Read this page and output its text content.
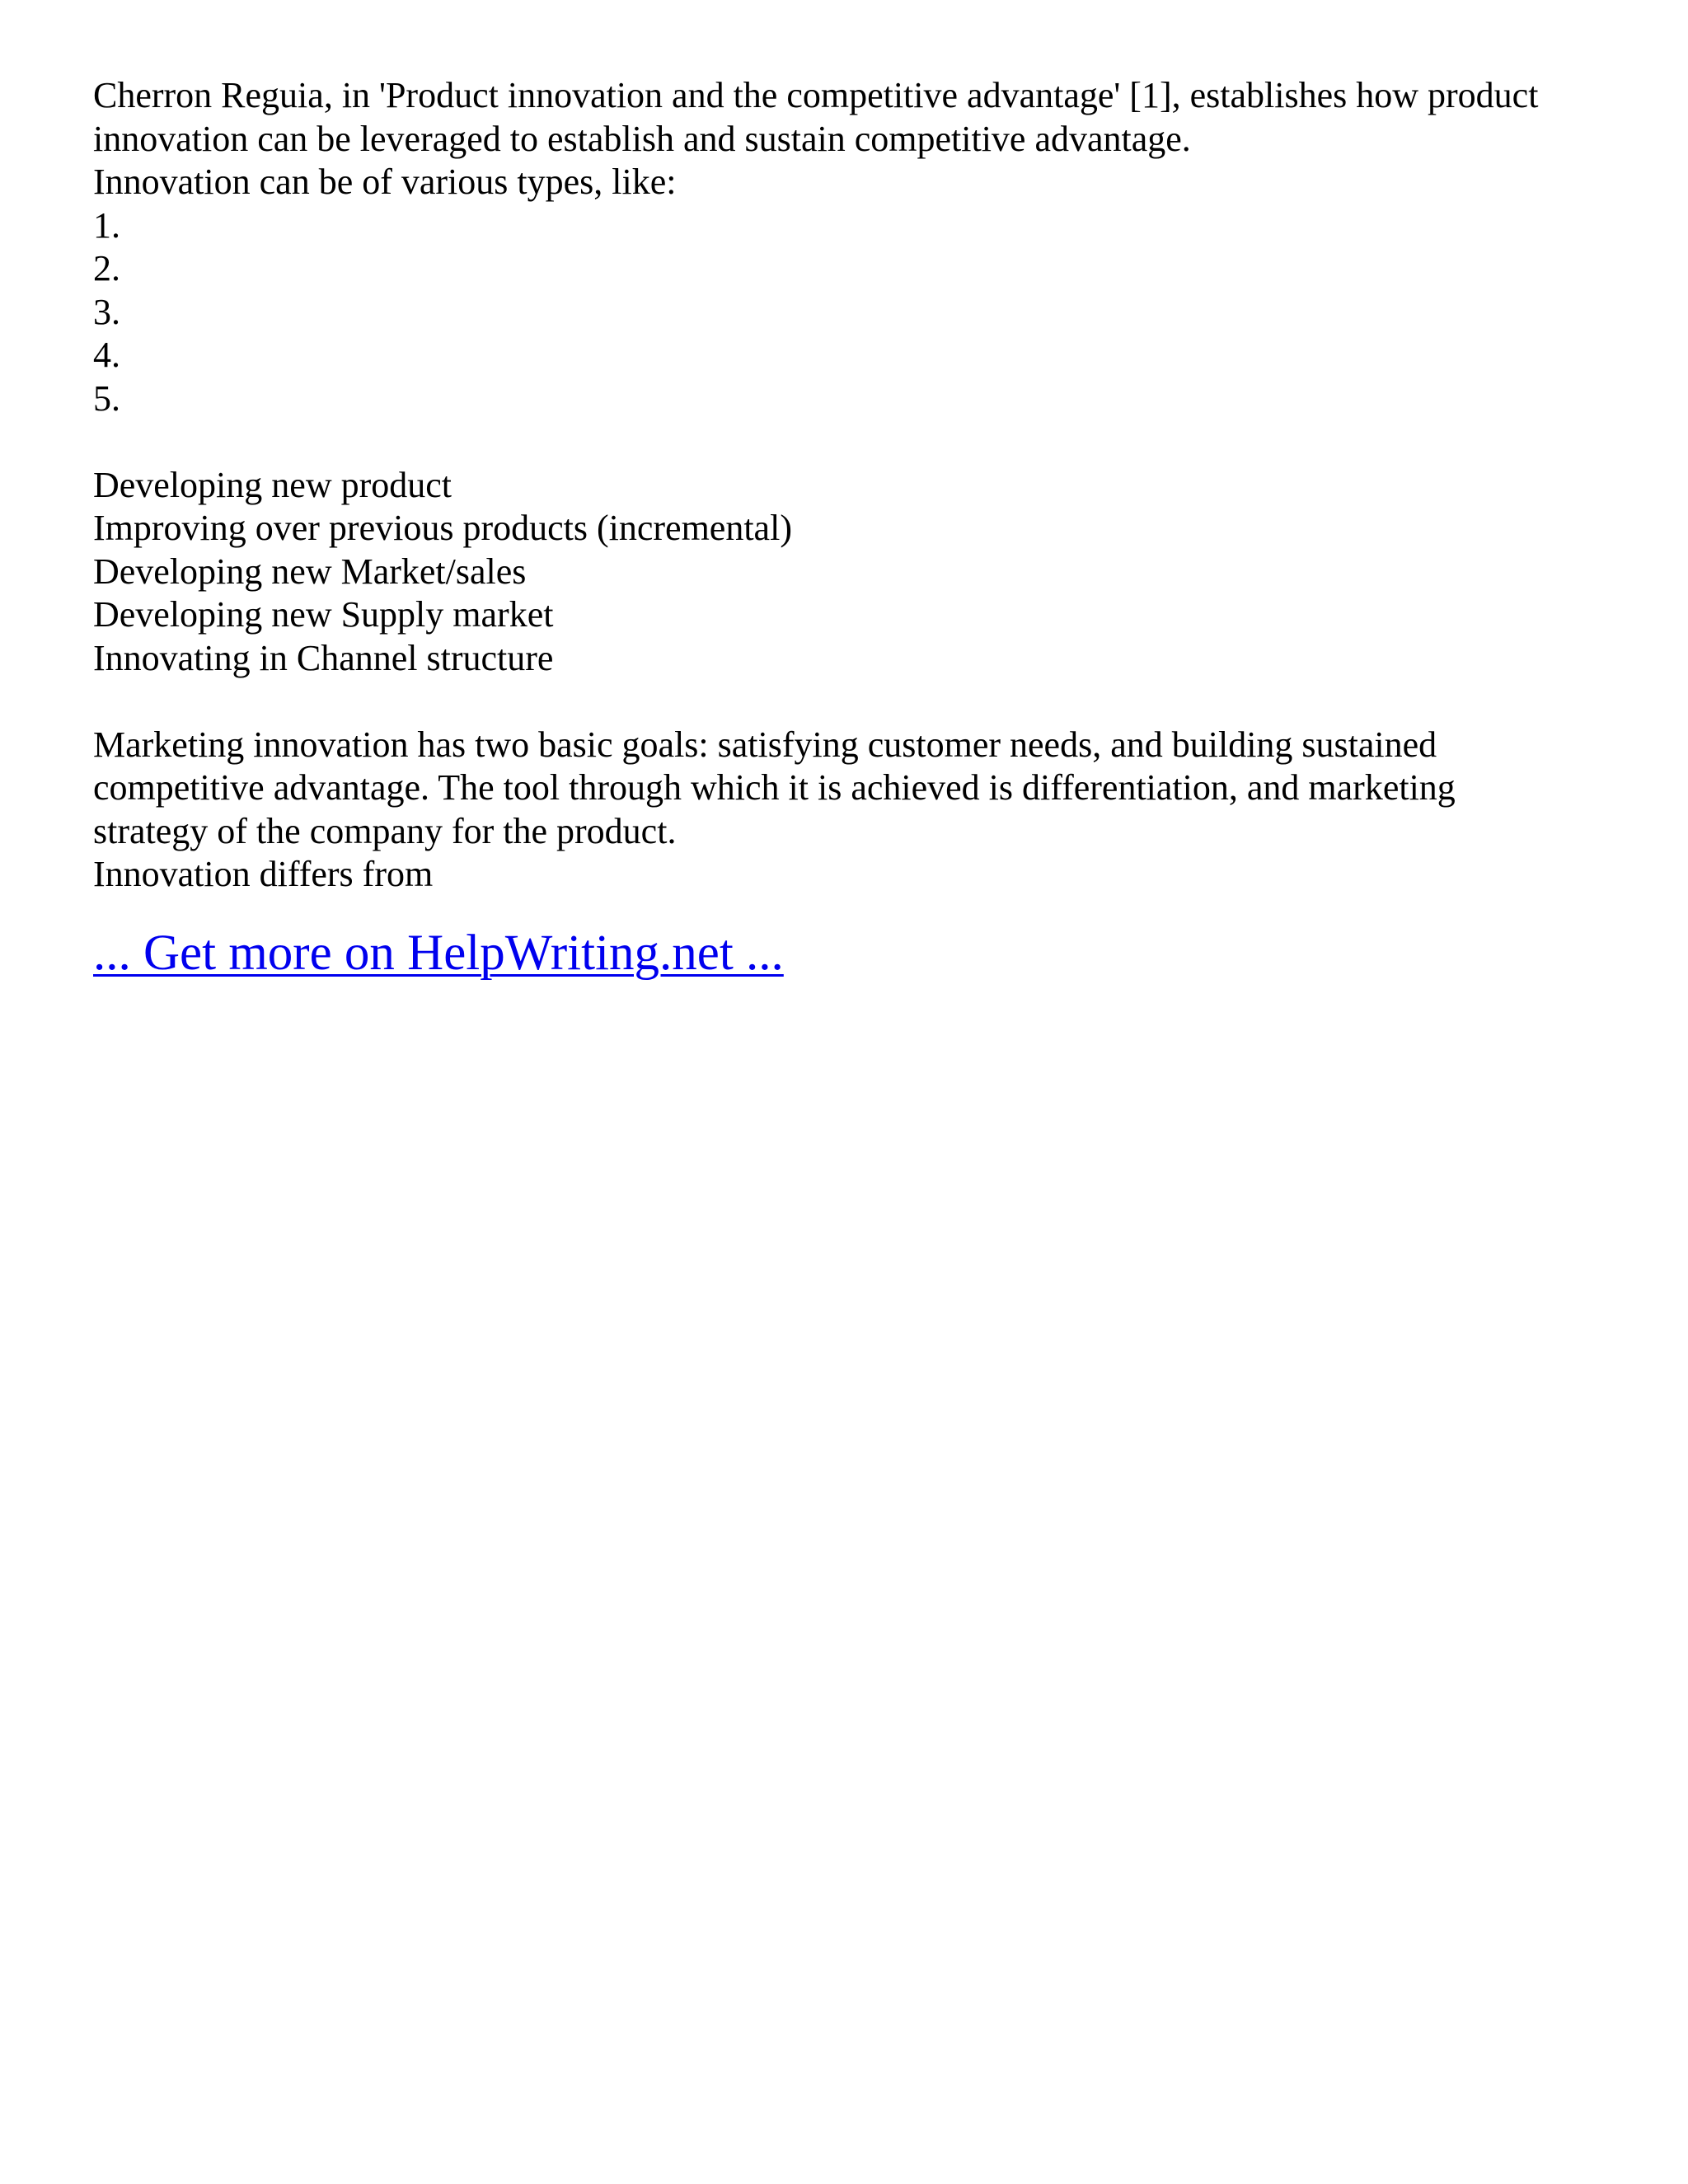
Cherron Reguia, in 'Product innovation and the competitive advantage' [1], establishes how product
innovation can be leveraged to establish and sustain competitive advantage.
Innovation can be of various types, like:
1.
2.
3.
4.
5.
Developing new product
Improving over previous products (incremental)
Developing new Market/sales
Developing new Supply market
Innovating in Channel structure
Marketing innovation has two basic goals: satisfying customer needs, and building sustained
competitive advantage. The tool through which it is achieved is differentiation, and marketing
strategy of the company for the product.
Innovation differs from
... Get more on HelpWriting.net ...
